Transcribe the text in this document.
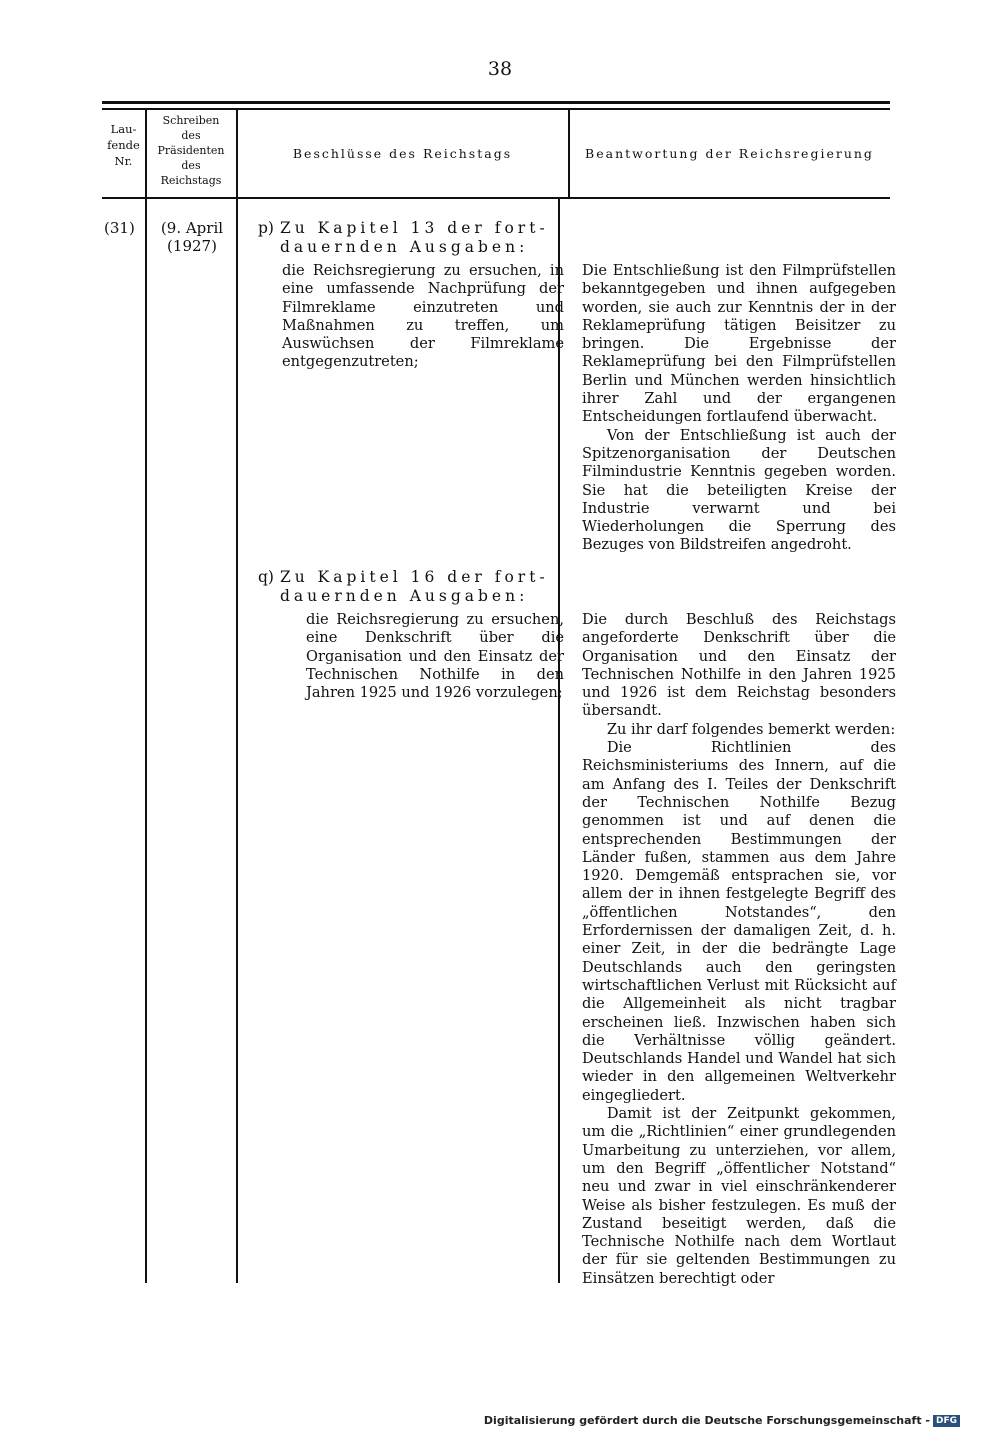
38
Lau-
fende
Nr.
Schreiben
des
Präsidenten
des
Reichstags
Beschlüsse des Reichstags	Beantwortung der Reichsregierung
(31)	(9. April
(1927)
p) Zu Kapitel 13 der fort-
dauernden Ausgaben:

die Reichsregierung zu ersuchen, in eine umfassende Nachprüfung der Filmreklame einzutreten und Maßnahmen zu treffen, um Auswüchsen der Filmreklame entgegenzutreten;

Die Entschließung ist den Filmprüfstellen bekanntgegeben und ihnen aufgegeben worden, sie auch zur Kenntnis der in der Reklameprüfung tätigen Beisitzer zu bringen. Die Ergebnisse der Reklameprüfung bei den Filmprüfstellen Berlin und München werden hinsichtlich ihrer Zahl und der ergangenen Entscheidungen fortlaufend überwacht.

Von der Entschließung ist auch der Spitzenorganisation der Deutschen Filmindustrie Kenntnis gegeben worden. Sie hat die beteiligten Kreise der Industrie verwarnt und bei Wiederholungen die Sperrung des Bezuges von Bildstreifen angedroht.

q) Zu Kapitel 16 der fort-
dauernden Ausgaben:

die Reichsregierung zu ersuchen, eine Denkschrift über die Organisation und den Einsatz der Technischen Nothilfe in den Jahren 1925 und 1926 vorzulegen;

Die durch Beschluß des Reichstags angeforderte Denkschrift über die Organisation und den Einsatz der Technischen Nothilfe in den Jahren 1925 und 1926 ist dem Reichstag besonders übersandt.

Zu ihr darf folgendes bemerkt werden:

Die Richtlinien des Reichsministeriums des Innern, auf die am Anfang des I. Teiles der Denkschrift der Technischen Nothilfe Bezug genommen ist und auf denen die entsprechenden Bestimmungen der Länder fußen, stammen aus dem Jahre 1920. Demgemäß entsprachen sie, vor allem der in ihnen festgelegte Begriff des „öffentlichen Notstandes“, den Erfordernissen der damaligen Zeit, d. h. einer Zeit, in der die bedrängte Lage Deutschlands auch den geringsten wirtschaftlichen Verlust mit Rücksicht auf die Allgemeinheit als nicht tragbar erscheinen ließ. Inzwischen haben sich die Verhältnisse völlig geändert. Deutschlands Handel und Wandel hat sich wieder in den allgemeinen Weltverkehr eingegliedert.

Damit ist der Zeitpunkt gekommen, um die „Richtlinien“ einer grundlegenden Umarbeitung zu unterziehen, vor allem, um den Begriff „öffentlicher Notstand“ neu und zwar in viel einschränkenderer Weise als bisher festzulegen. Es muß der Zustand beseitigt werden, daß die Technische Nothilfe nach dem Wortlaut der für sie geltenden Bestimmungen zu Einsätzen berechtigt oder

Digitalisierung gefördert durch die Deutsche Forschungsgemeinschaft - DFG
